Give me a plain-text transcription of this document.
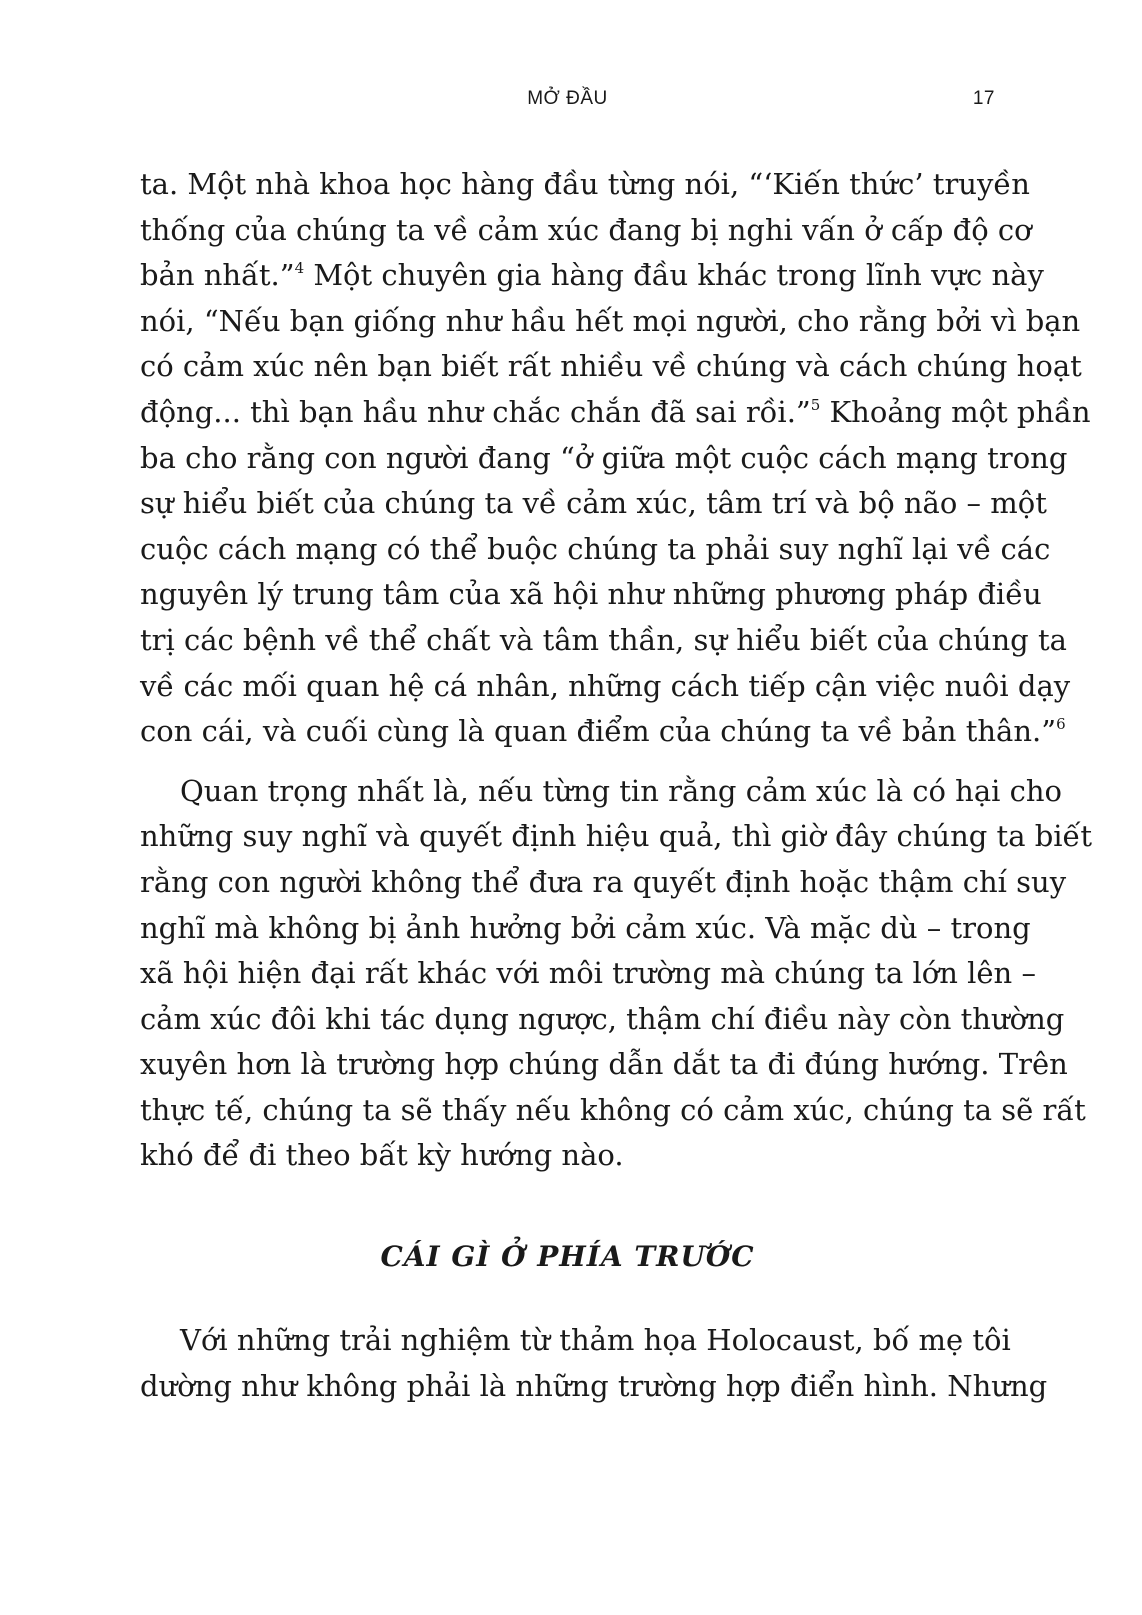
MỞ ĐẦU	17
ta. Một nhà khoa học hàng đầu từng nói, “‘Kiến thức’ truyền
thống của chúng ta về cảm xúc đang bị nghi vấn ở cấp độ cơ
bản nhất.”$^4$ Một chuyên gia hàng đầu khác trong lĩnh vực này
nói, “Nếu bạn giống như hầu hết mọi người, cho rằng bởi vì bạn
có cảm xúc nên bạn biết rất nhiều về chúng và cách chúng hoạt
động... thì bạn hầu như chắc chắn đã sai rồi.”$^5$ Khoảng một phần
ba cho rằng con người đang “ở giữa một cuộc cách mạng trong
sự hiểu biết của chúng ta về cảm xúc, tâm trí và bộ não – một
cuộc cách mạng có thể buộc chúng ta phải suy nghĩ lại về các
nguyên lý trung tâm của xã hội như những phương pháp điều
trị các bệnh về thể chất và tâm thần, sự hiểu biết của chúng ta
về các mối quan hệ cá nhân, những cách tiếp cận việc nuôi dạy
con cái, và cuối cùng là quan điểm của chúng ta về bản thân.”$^6$
Quan trọng nhất là, nếu từng tin rằng cảm xúc là có hại cho
những suy nghĩ và quyết định hiệu quả, thì giờ đây chúng ta biết
rằng con người không thể đưa ra quyết định hoặc thậm chí suy
nghĩ mà không bị ảnh hưởng bởi cảm xúc. Và mặc dù – trong
xã hội hiện đại rất khác với môi trường mà chúng ta lớn lên –
cảm xúc đôi khi tác dụng ngược, thậm chí điều này còn thường
xuyên hơn là trường hợp chúng dẫn dắt ta đi đúng hướng. Trên
thực tế, chúng ta sẽ thấy nếu không có cảm xúc, chúng ta sẽ rất
khó để đi theo bất kỳ hướng nào.
CÁI GÌ Ở PHÍA TRƯỚC
Với những trải nghiệm từ thảm họa Holocaust, bố mẹ tôi
dường như không phải là những trường hợp điển hình. Nhưng
